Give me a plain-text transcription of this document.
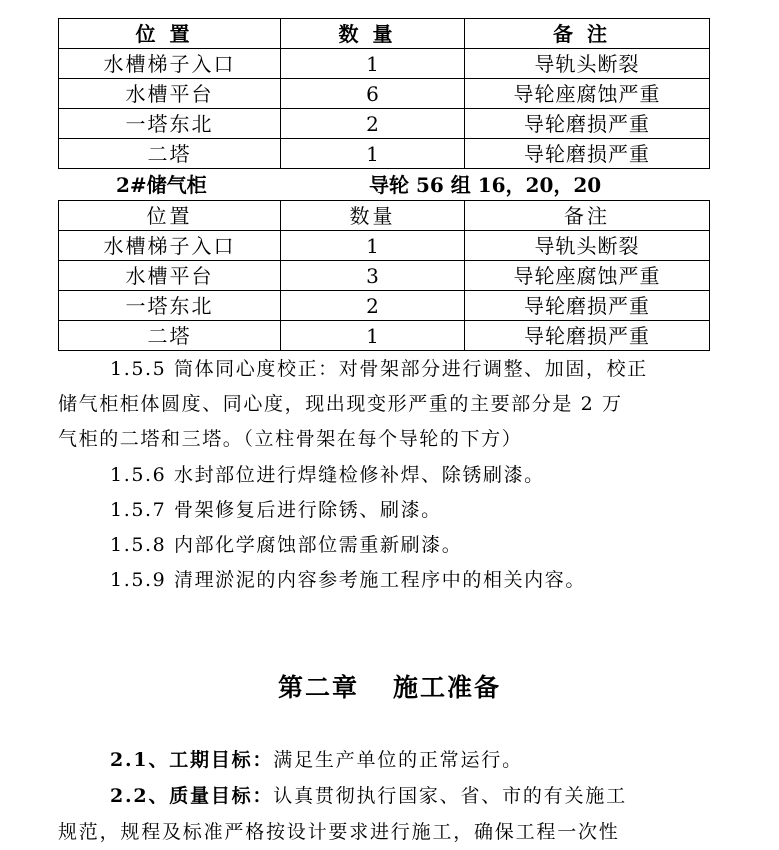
位置	数量	备注
水槽梯子入口	1	导轨头断裂
水槽平台	6	导轮座腐蚀严重
一塔东北	2	导轮磨损严重
二塔	1	导轮磨损严重
2#储气柜	导轮 56 组 16，20，20
位置	数量	备注
水槽梯子入口	1	导轨头断裂
水槽平台	3	导轮座腐蚀严重
一塔东北	2	导轮磨损严重
二塔	1	导轮磨损严重
1.5.5 筒体同心度校正：对骨架部分进行调整、加固，校正
储气柜柜体圆度、同心度，现出现变形严重的主要部分是 2 万
气柜的二塔和三塔。（立柱骨架在每个导轮的下方）
1.5.6 水封部位进行焊缝检修补焊、除锈刷漆。
1.5.7 骨架修复后进行除锈、刷漆。
1.5.8 内部化学腐蚀部位需重新刷漆。
1.5.9 清理淤泥的内容参考施工程序中的相关内容。
第二章 施工准备
2.1、工期目标：满足生产单位的正常运行。
2.2、质量目标：认真贯彻执行国家、省、市的有关施工
规范，规程及标准严格按设计要求进行施工，确保工程一次性
